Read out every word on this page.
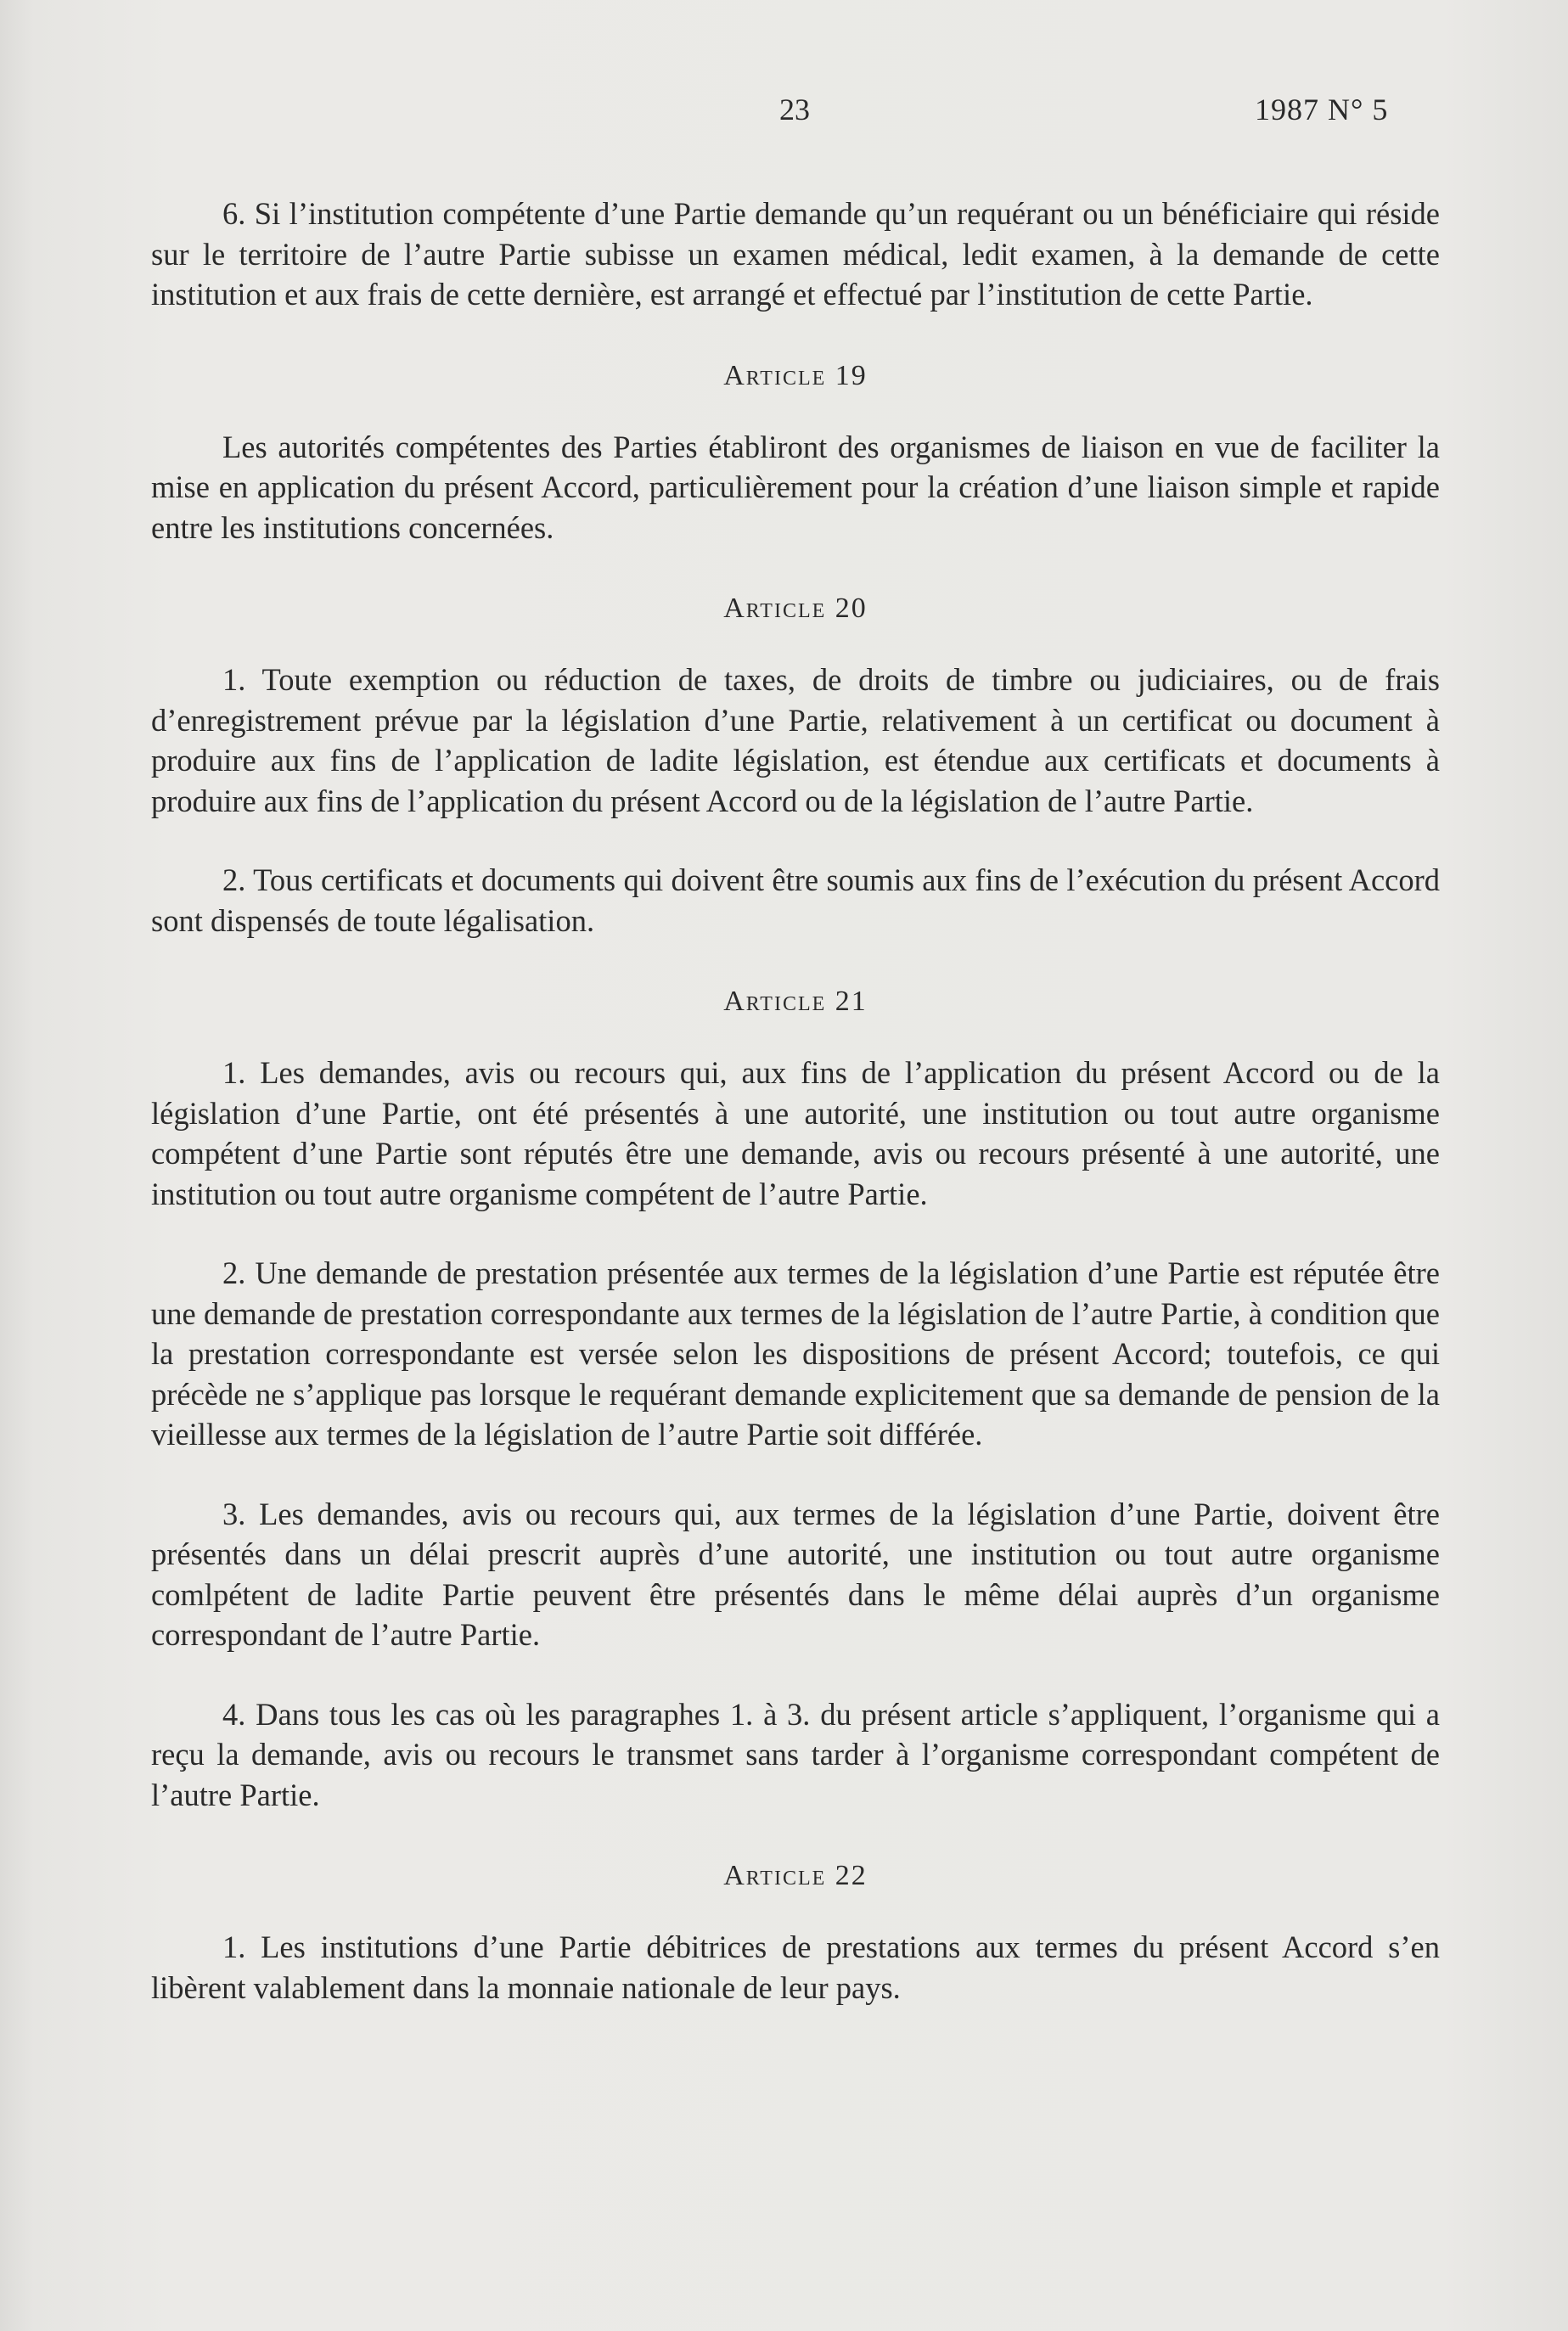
23	1987 N° 5

6. Si l’institution compétente d’une Partie demande qu’un requérant ou un bénéficiaire qui réside sur le territoire de l’autre Partie subisse un examen médical, ledit examen, à la demande de cette institution et aux frais de cette dernière, est arrangé et effectué par l’institution de cette Partie.

Article 19

Les autorités compétentes des Parties établiront des organismes de liaison en vue de faciliter la mise en application du présent Accord, particulièrement pour la création d’une liaison simple et rapide entre les institutions concernées.

Article 20

1. Toute exemption ou réduction de taxes, de droits de timbre ou judiciaires, ou de frais d’enregistrement prévue par la législation d’une Partie, relativement à un certificat ou document à produire aux fins de l’application de ladite législation, est étendue aux certificats et documents à produire aux fins de l’application du présent Accord ou de la législation de l’autre Partie.

2. Tous certificats et documents qui doivent être soumis aux fins de l’exécution du présent Accord sont dispensés de toute légalisation.

Article 21

1. Les demandes, avis ou recours qui, aux fins de l’application du présent Accord ou de la législation d’une Partie, ont été présentés à une autorité, une institution ou tout autre organisme compétent d’une Partie sont réputés être une demande, avis ou recours présenté à une autorité, une institution ou tout autre organisme compétent de l’autre Partie.

2. Une demande de prestation présentée aux termes de la législation d’une Partie est réputée être une demande de prestation correspondante aux termes de la législation de l’autre Partie, à condition que la prestation correspondante est versée selon les dispositions de présent Accord; toutefois, ce qui précède ne s’applique pas lorsque le requérant demande explicitement que sa demande de pension de la vieillesse aux termes de la législation de l’autre Partie soit différée.

3. Les demandes, avis ou recours qui, aux termes de la législation d’une Partie, doivent être présentés dans un délai prescrit auprès d’une autorité, une institution ou tout autre organisme comlpétent de ladite Partie peuvent être présentés dans le même délai auprès d’un organisme correspondant de l’autre Partie.

4. Dans tous les cas où les paragraphes 1. à 3. du présent article s’appliquent, l’organisme qui a reçu la demande, avis ou recours le transmet sans tarder à l’organisme correspondant compétent de l’autre Partie.

Article 22

1. Les institutions d’une Partie débitrices de prestations aux termes du présent Accord s’en libèrent valablement dans la monnaie nationale de leur pays.
